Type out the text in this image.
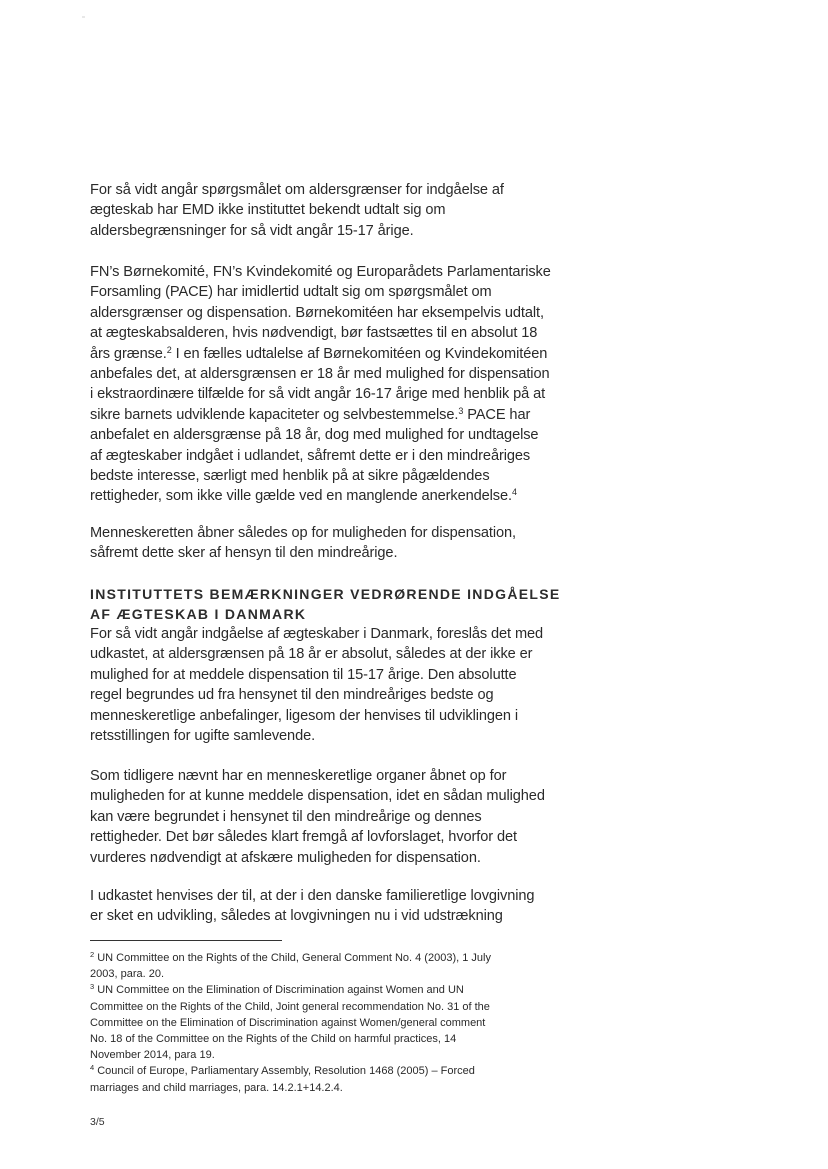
For så vidt angår spørgsmålet om aldersgrænser for indgåelse af
ægteskab har EMD ikke instituttet bekendt udtalt sig om
aldersbegrænsninger for så vidt angår 15-17 årige.

FN’s Børnekomité, FN’s Kvindekomité og Europarådets Parlamentariske
Forsamling (PACE) har imidlertid udtalt sig om spørgsmålet om
aldersgrænser og dispensation. Børnekomitéen har eksempelvis udtalt,
at ægteskabsalderen, hvis nødvendigt, bør fastsættes til en absolut 18
års grænse.$^2$ I en fælles udtalelse af Børnekomitéen og Kvindekomitéen
anbefales det, at aldersgrænsen er 18 år med mulighed for dispensation
i ekstraordinære tilfælde for så vidt angår 16-17 årige med henblik på at
sikre barnets udviklende kapaciteter og selvbestemmelse.$^3$ PACE har
anbefalet en aldersgrænse på 18 år, dog med mulighed for undtagelse
af ægteskaber indgået i udlandet, såfremt dette er i den mindreåriges
bedste interesse, særligt med henblik på at sikre pågældendes
rettigheder, som ikke ville gælde ved en manglende anerkendelse.$^4$

Menneskeretten åbner således op for muligheden for dispensation,
såfremt dette sker af hensyn til den mindreårige.

INSTITUTTETS BEMÆRKNINGER VEDRØRENDE INDGÅELSE
AF ÆGTESKAB I DANMARK

For så vidt angår indgåelse af ægteskaber i Danmark, foreslås det med
udkastet, at aldersgrænsen på 18 år er absolut, således at der ikke er
mulighed for at meddele dispensation til 15-17 årige. Den absolutte
regel begrundes ud fra hensynet til den mindreåriges bedste og
menneskeretlige anbefalinger, ligesom der henvises til udviklingen i
retsstillingen for ugifte samlevende.

Som tidligere nævnt har en menneskeretlige organer åbnet op for
muligheden for at kunne meddele dispensation, idet en sådan mulighed
kan være begrundet i hensynet til den mindreårige og dennes
rettigheder. Det bør således klart fremgå af lovforslaget, hvorfor det
vurderes nødvendigt at afskære muligheden for dispensation.

I udkastet henvises der til, at der i den danske familieretlige lovgivning
er sket en udvikling, således at lovgivningen nu i vid udstrækning

$^2$ UN Committee on the Rights of the Child, General Comment No. 4 (2003), 1 July
2003, para. 20.

$^3$ UN Committee on the Elimination of Discrimination against Women and UN
Committee on the Rights of the Child, Joint general recommendation No. 31 of the
Committee on the Elimination of Discrimination against Women/general comment
No. 18 of the Committee on the Rights of the Child on harmful practices, 14
November 2014, para 19.

$^4$ Council of Europe, Parliamentary Assembly, Resolution 1468 (2005) – Forced
marriages and child marriages, para. 14.2.1+14.2.4.

3/5
